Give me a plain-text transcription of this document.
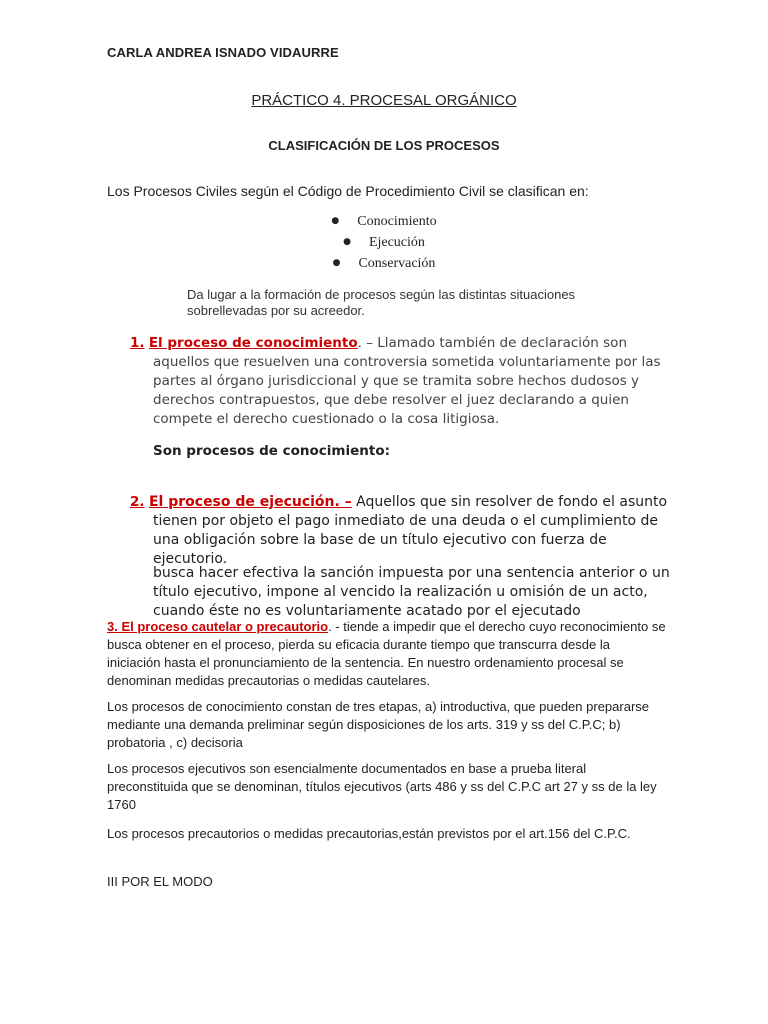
CARLA ANDREA ISNADO VIDAURRE

PRÁCTICO 4. PROCESAL ORGÁNICO

CLASIFICACIÓN DE LOS PROCESOS

Los Procesos Civiles según el Código de Procedimiento Civil se clasifican en:

● Conocimiento
● Ejecución
● Conservación

Da lugar a la formación de procesos según las distintas situaciones sobrellevadas por su acreedor.

1. El proceso de conocimiento. – Llamado también de declaración son

aquellos que resuelven una controversia sometida voluntariamente por las partes al órgano jurisdiccional y que se tramita sobre hechos dudosos y derechos contrapuestos, que debe resolver el juez declarando a quien compete el derecho cuestionado o la cosa litigiosa.

Son procesos de conocimiento:

2. El proceso de ejecución. – Aquellos que sin resolver de fondo el asunto

tienen por objeto el pago inmediato de una deuda o el cumplimiento de una obligación sobre la base de un título ejecutivo con fuerza de ejecutorio.

busca hacer efectiva la sanción impuesta por una sentencia anterior o un título ejecutivo, impone al vencido la realización u omisión de un acto, cuando éste no es voluntariamente acatado por el ejecutado

3. El proceso cautelar o precautorio. - tiende a impedir que el derecho cuyo reconocimiento se busca obtener en el proceso, pierda su eficacia durante tiempo que transcurra desde la iniciación hasta el pronunciamiento de la sentencia. En nuestro ordenamiento procesal se denominan medidas precautorias o medidas cautelares.

Los procesos de conocimiento constan de tres etapas, a) introductiva, que pueden prepararse mediante una demanda preliminar según disposiciones de los arts. 319 y ss del C.P.C; b) probatoria , c) decisoria

Los procesos ejecutivos son esencialmente documentados en base a prueba literal preconstituida que se denominan, títulos ejecutivos (arts 486 y ss del C.P.C art 27 y ss de la ley 1760

Los procesos precautorios o medidas precautorias,están previstos por el art.156 del C.P.C.

III POR EL MODO
